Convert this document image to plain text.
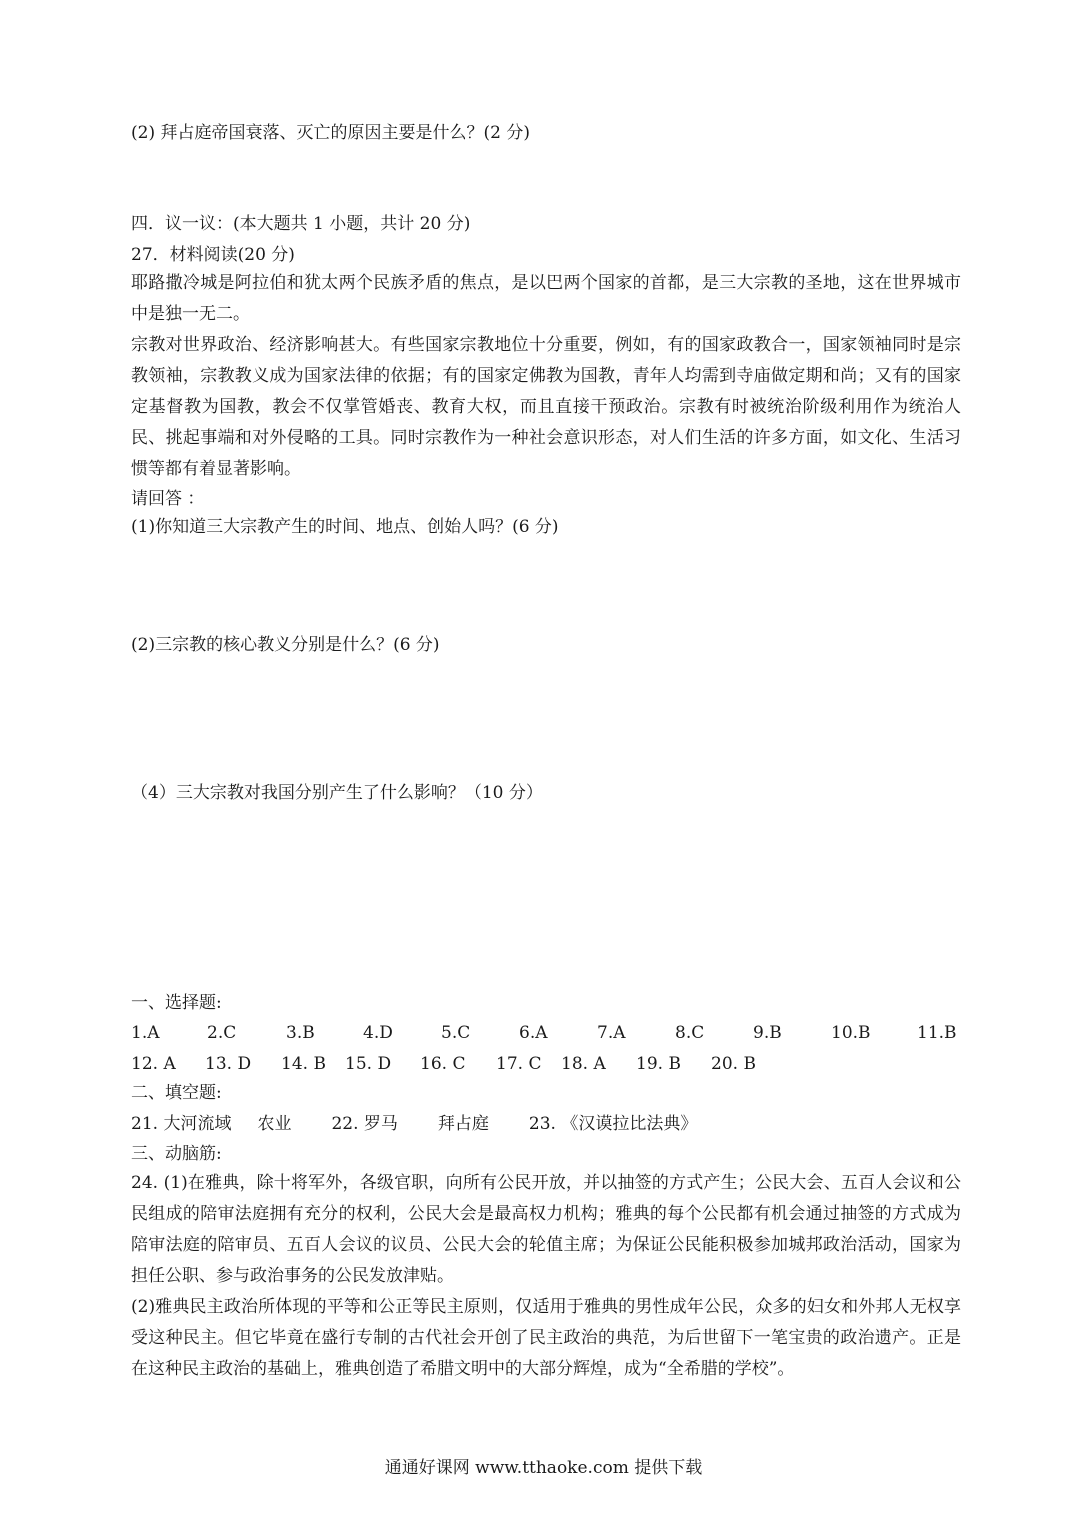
(2) 拜占庭帝国衰落、灭亡的原因主要是什么？(2 分)
四．议一议：(本大题共 1 小题，共计 20 分)
27．材料阅读(20 分)
耶路撒冷城是阿拉伯和犹太两个民族矛盾的焦点，是以巴两个国家的首都，是三大宗教的圣地，这在世界城市中是独一无二。
宗教对世界政治、经济影响甚大。有些国家宗教地位十分重要，例如，有的国家政教合一，国家领袖同时是宗教领袖，宗教教义成为国家法律的依据；有的国家定佛教为国教，青年人均需到寺庙做定期和尚；又有的国家定基督教为国教，教会不仅掌管婚丧、教育大权，而且直接干预政治。宗教有时被统治阶级利用作为统治人民、挑起事端和对外侵略的工具。同时宗教作为一种社会意识形态，对人们生活的许多方面，如文化、生活习惯等都有着显著影响。
请回答 ：
(1)你知道三大宗教产生的时间、地点、创始人吗？(6 分)
(2)三宗教的核心教义分别是什么？(6 分)
（4）三大宗教对我国分别产生了什么影响？（10 分）
一、选择题:
1.A	2.C	3.B	4.D	5.C	6.A	7.A	8.C	9.B	10.B	11.B
12. A 13. D 14. B 15. D 16. C 17. C 18. A 19. B 20. B
二、填空题:
21. 大河流域 农业 22. 罗马 拜占庭 23. 《汉谟拉比法典》
三、动脑筋:
24. (1)在雅典，除十将军外，各级官职，向所有公民开放，并以抽签的方式产生；公民大会、五百人会议和公民组成的陪审法庭拥有充分的权利，公民大会是最高权力机构；雅典的每个公民都有机会通过抽签的方式成为陪审法庭的陪审员、五百人会议的议员、公民大会的轮值主席；为保证公民能积极参加城邦政治活动，国家为担任公职、参与政治事务的公民发放津贴。
(2)雅典民主政治所体现的平等和公正等民主原则，仅适用于雅典的男性成年公民，众多的妇女和外邦人无权享受这种民主。但它毕竟在盛行专制的古代社会开创了民主政治的典范，为后世留下一笔宝贵的政治遗产。正是在这种民主政治的基础上，雅典创造了希腊文明中的大部分辉煌，成为“全希腊的学校”。
通通好课网 www.tthaoke.com 提供下载
